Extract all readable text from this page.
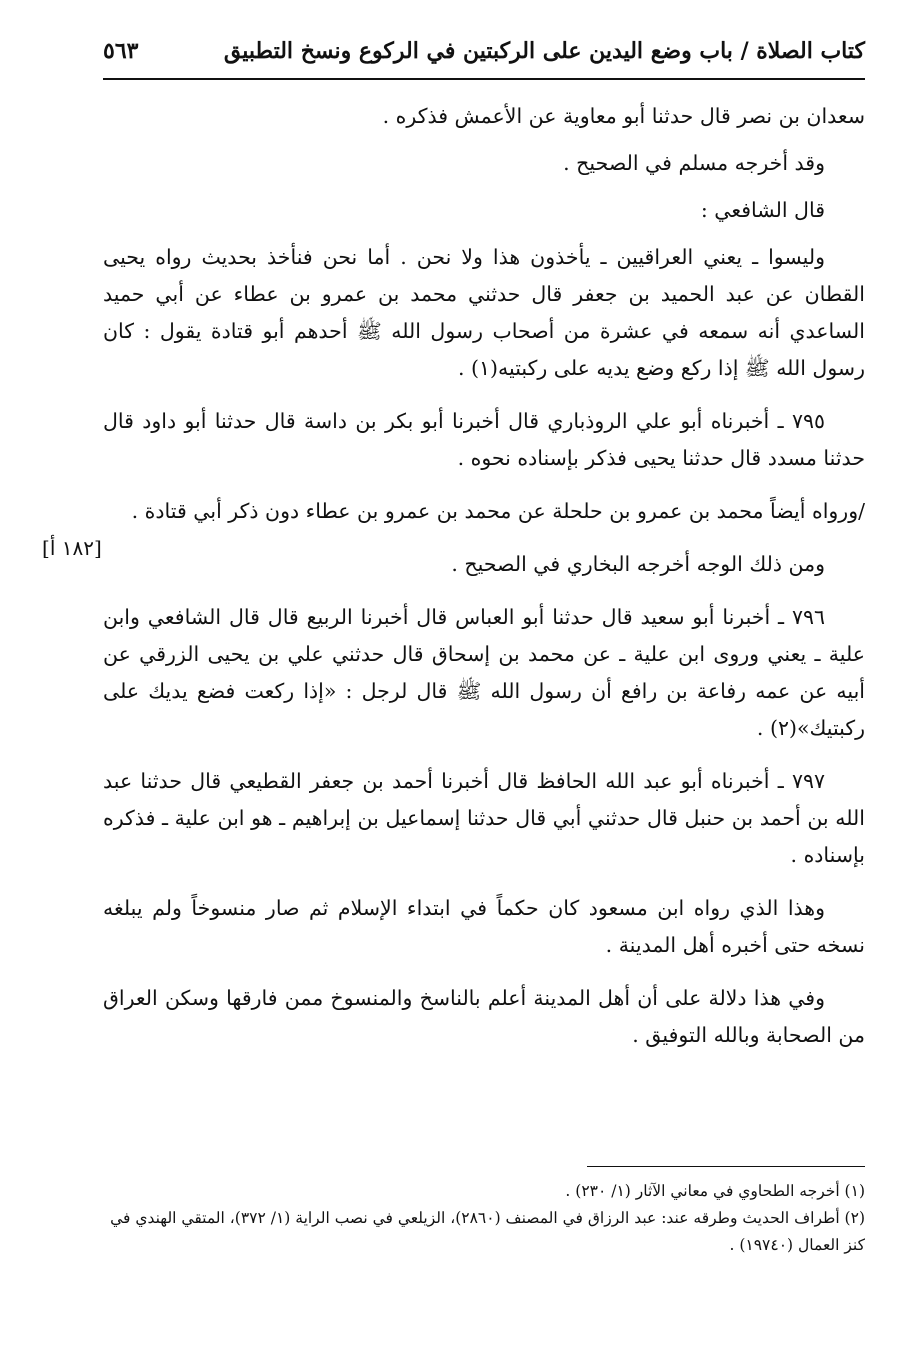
كتاب الصلاة / باب وضع اليدين على الركبتين في الركوع ونسخ التطبيق
٥٦٣

سعدان بن نصر قال حدثنا أبو معاوية عن الأعمش فذكره .

وقد أخرجه مسلم في الصحيح .

قال الشافعي :

وليسوا ـ يعني العراقيين ـ يأخذون هذا ولا نحن . أما نحن فنأخذ بحديث رواه يحيى القطان عن عبد الحميد بن جعفر قال حدثني محمد بن عمرو بن عطاء عن أبي حميد الساعدي أنه سمعه في عشرة من أصحاب رسول الله ﷺ أحدهم أبو قتادة يقول : كان رسول الله ﷺ إذا ركع وضع يديه على ركبتيه(١) .

٧٩٥ ـ أخبرناه أبو علي الروذباري قال أخبرنا أبو بكر بن داسة قال حدثنا أبو داود قال حدثنا مسدد قال حدثنا يحيى فذكر بإسناده نحوه .

/ورواه أيضاً محمد بن عمرو بن حلحلة عن محمد بن عمرو بن عطاء دون ذكر أبي قتادة .

ومن ذلك الوجه أخرجه البخاري في الصحيح .

٧٩٦ ـ أخبرنا أبو سعيد قال حدثنا أبو العباس قال أخبرنا الربيع قال قال الشافعي وابن علية ـ يعني وروى ابن علية ـ عن محمد بن إسحاق قال حدثني علي بن يحيى الزرقي عن أبيه عن عمه رفاعة بن رافع أن رسول الله ﷺ قال لرجل : «إذا ركعت فضع يديك على ركبتيك»(٢) .

٧٩٧ ـ أخبرناه أبو عبد الله الحافظ قال أخبرنا أحمد بن جعفر القطيعي قال حدثنا عبد الله بن أحمد بن حنبل قال حدثني أبي قال حدثنا إسماعيل بن إبراهيم ـ هو ابن علية ـ فذكره بإسناده .

وهذا الذي رواه ابن مسعود كان حكماً في ابتداء الإسلام ثم صار منسوخاً ولم يبلغه نسخه حتى أخبره أهل المدينة .

وفي هذا دلالة على أن أهل المدينة أعلم بالناسخ والمنسوخ ممن فارقها وسكن العراق من الصحابة وبالله التوفيق .

[١٨٢ أ]

(١) أخرجه الطحاوي في معاني الآثار (١/ ٢٣٠) .

(٢) أطراف الحديث وطرقه عند: عبد الرزاق في المصنف (٢٨٦٠)، الزيلعي في نصب الراية (١/ ٣٧٢)، المتقي الهندي في كنز العمال (١٩٧٤٠) .
